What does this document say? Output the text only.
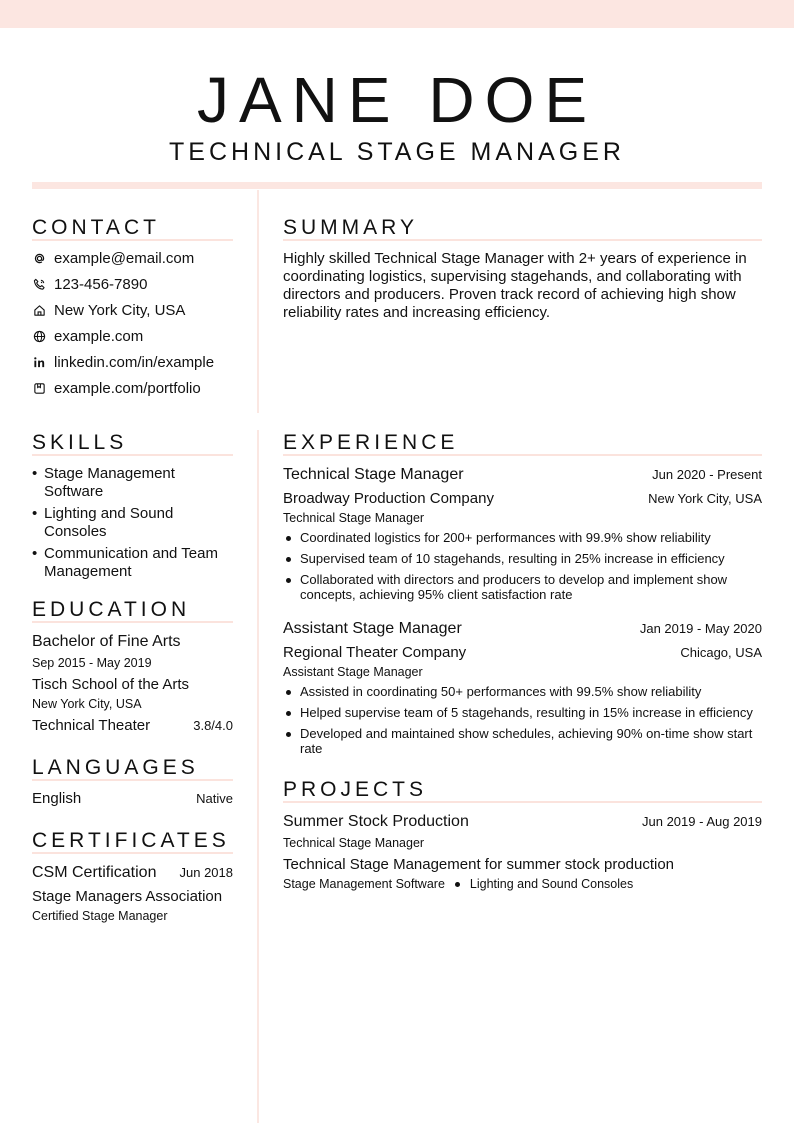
JANE DOE
TECHNICAL STAGE MANAGER
CONTACT
example@email.com
123-456-7890
New York City, USA
example.com
linkedin.com/in/example
example.com/portfolio
SUMMARY
Highly skilled Technical Stage Manager with 2+ years of experience in coordinating logistics, supervising stagehands, and collaborating with directors and producers. Proven track record of achieving high show reliability rates and increasing efficiency.
SKILLS
• Stage Management Software
• Lighting and Sound Consoles
• Communication and Team Management
EDUCATION
Bachelor of Fine Arts
Sep 2015 - May 2019
Tisch School of the Arts
New York City, USA
Technical Theater	3.8/4.0
LANGUAGES
English	Native
CERTIFICATES
CSM Certification	Jun 2018
Stage Managers Association
Certified Stage Manager
EXPERIENCE
Technical Stage Manager	Jun 2020 - Present
Broadway Production Company	New York City, USA
Technical Stage Manager
Coordinated logistics for 200+ performances with 99.9% show reliability
Supervised team of 10 stagehands, resulting in 25% increase in efficiency
Collaborated with directors and producers to develop and implement show concepts, achieving 95% client satisfaction rate
Assistant Stage Manager	Jan 2019 - May 2020
Regional Theater Company	Chicago, USA
Assistant Stage Manager
Assisted in coordinating 50+ performances with 99.5% show reliability
Helped supervise team of 5 stagehands, resulting in 15% increase in efficiency
Developed and maintained show schedules, achieving 90% on-time show start rate
PROJECTS
Summer Stock Production	Jun 2019 - Aug 2019
Technical Stage Manager
Technical Stage Management for summer stock production
Stage Management Software Lighting and Sound Consoles
